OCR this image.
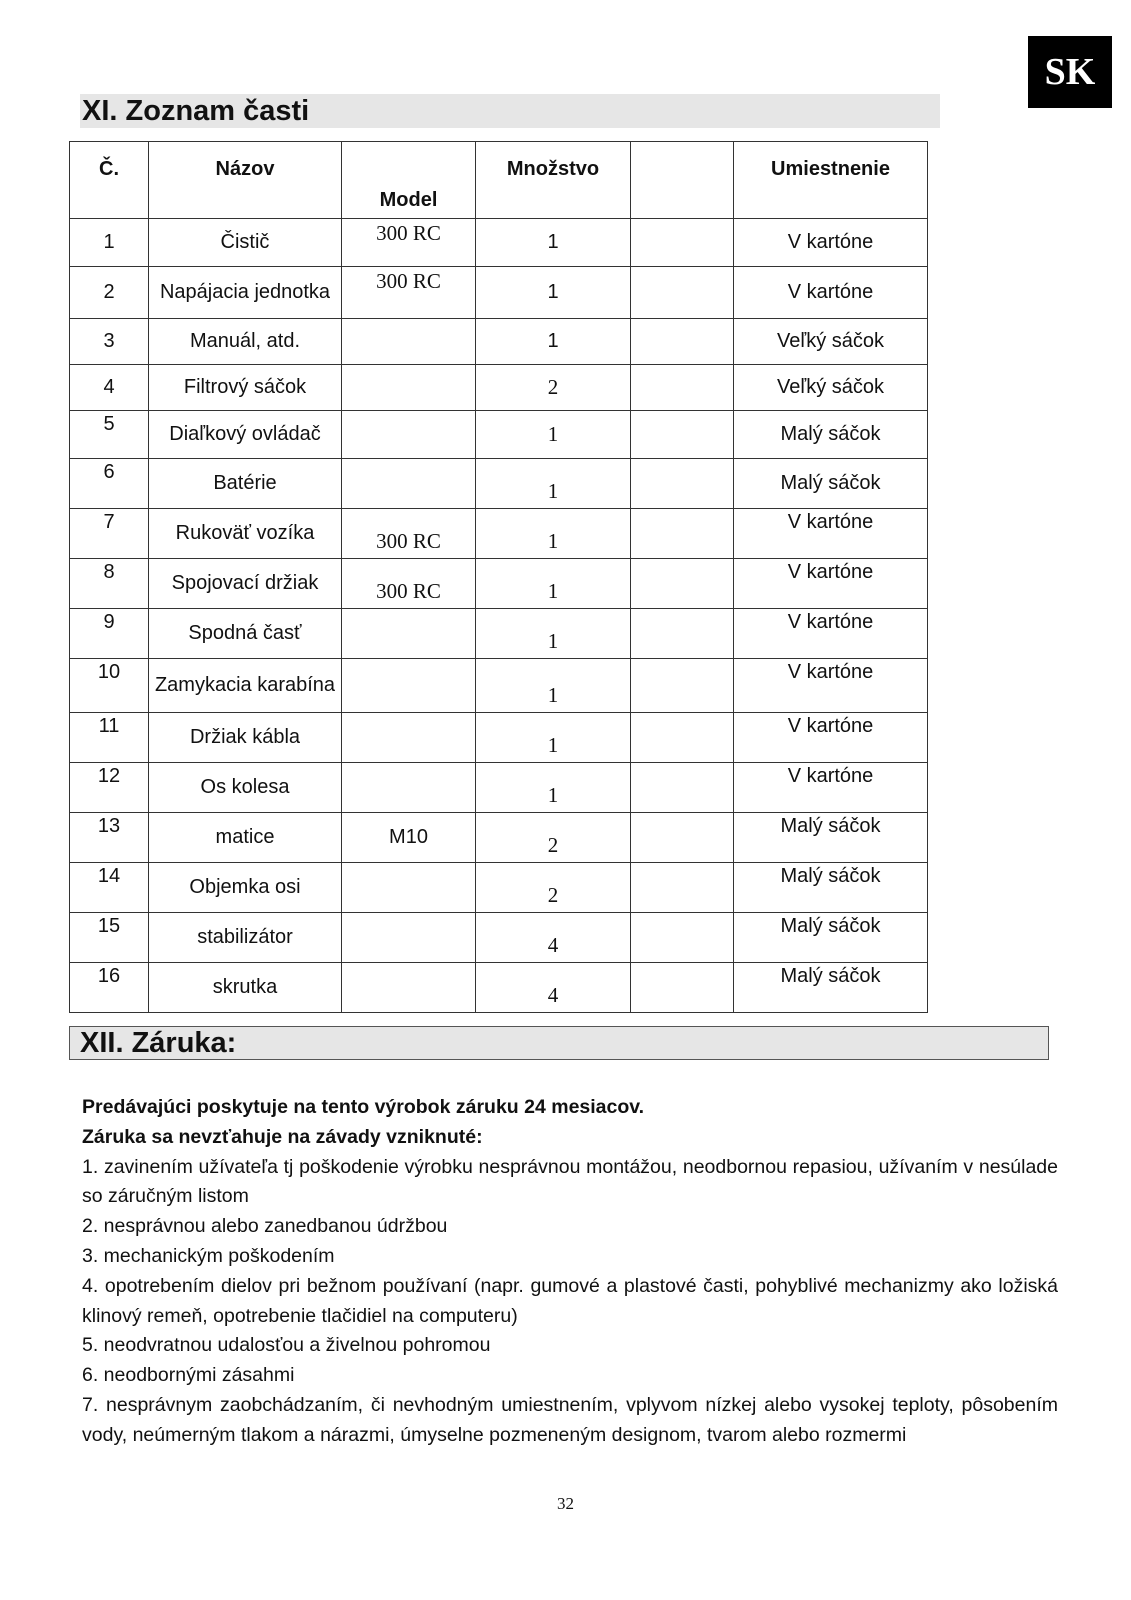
SK
XI. Zoznam časti
Č.	Názov	Model	Množstvo		Umiestnenie
1	Čistič	300 RC	1		V kartóne
2	Napájacia jednotka	300 RC	1		V kartóne
3	Manuál, atd.		1		Veľký sáčok
4	Filtrový sáčok		2		Veľký sáčok
5	Diaľkový ovládač		1		Malý sáčok
6	Batérie		1		Malý sáčok
7	Rukoväť vozíka	300 RC	1		V kartóne
8	Spojovací držiak	300 RC	1		V kartóne
9	Spodná časť		1		V kartóne
10	Zamykacia karabína		1		V kartóne
11	Držiak kábla		1		V kartóne
12	Os kolesa		1		V kartóne
13	matice	M10	2		Malý sáčok
14	Objemka osi		2		Malý sáčok
15	stabilizátor		4		Malý sáčok
16	skrutka		4		Malý sáčok
XII. Záruka:

Predávajúci poskytuje na tento výrobok záruku 24 mesiacov.

Záruka sa nevzťahuje na závady vzniknuté:

1. zavinením užívateľa tj poškodenie výrobku nesprávnou montážou, neodbornou repasiou, užívaním v nesúlade so záručným listom

2. nesprávnou alebo zanedbanou údržbou

3. mechanickým poškodením

4. opotrebením dielov pri bežnom používaní (napr. gumové a plastové časti, pohyblivé mechanizmy ako ložiská klinový remeň, opotrebenie tlačidiel na computeru)

5. neodvratnou udalosťou a živelnou pohromou

6. neodbornými zásahmi

7. nesprávnym zaobchádzaním, či nevhodným umiestnením, vplyvom nízkej alebo vysokej teploty, pôsobením vody, neúmerným tlakom a nárazmi, úmyselne pozmeneným designom, tvarom alebo rozmermi

32
